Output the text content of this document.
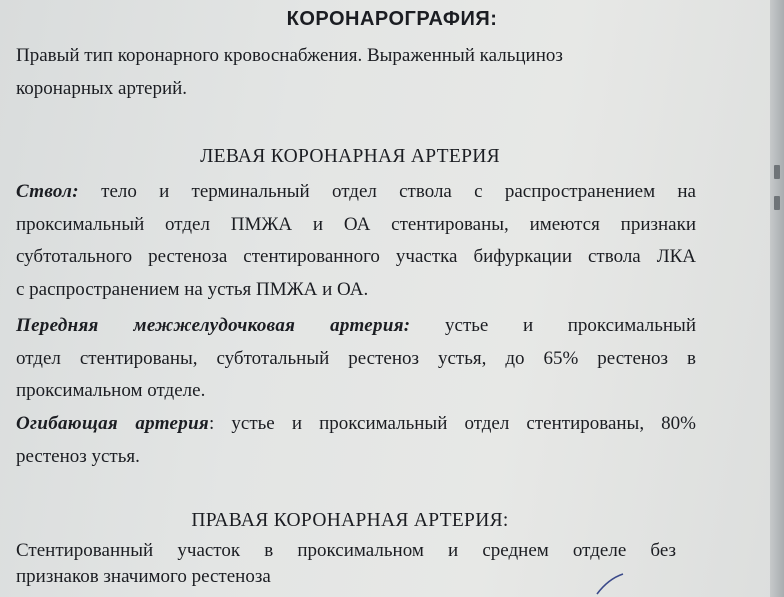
КОРОНАРОГРАФИЯ:
Правый тип коронарного кровоснабжения. Выраженный кальциноз
коронарных артерий.
ЛЕВАЯ КОРОНАРНАЯ АРТЕРИЯ
Ствол: тело и терминальный отдел ствола с распространением на
проксимальный отдел ПМЖА и ОА стентированы, имеются признаки
субтотального рестеноза стентированного участка бифуркации ствола ЛКА
с распространением на устья ПМЖА и ОА.
Передняя межжелудочковая артерия: устье и проксимальный
отдел стентированы, субтотальный рестеноз устья, до 65% рестеноз в
проксимальном отделе.
Огибающая артерия: устье и проксимальный отдел стентированы, 80%
рестеноз устья.
ПРАВАЯ КОРОНАРНАЯ АРТЕРИЯ:
Стентированный участок в проксимальном и среднем отделе без
признаков значимого рестеноза
